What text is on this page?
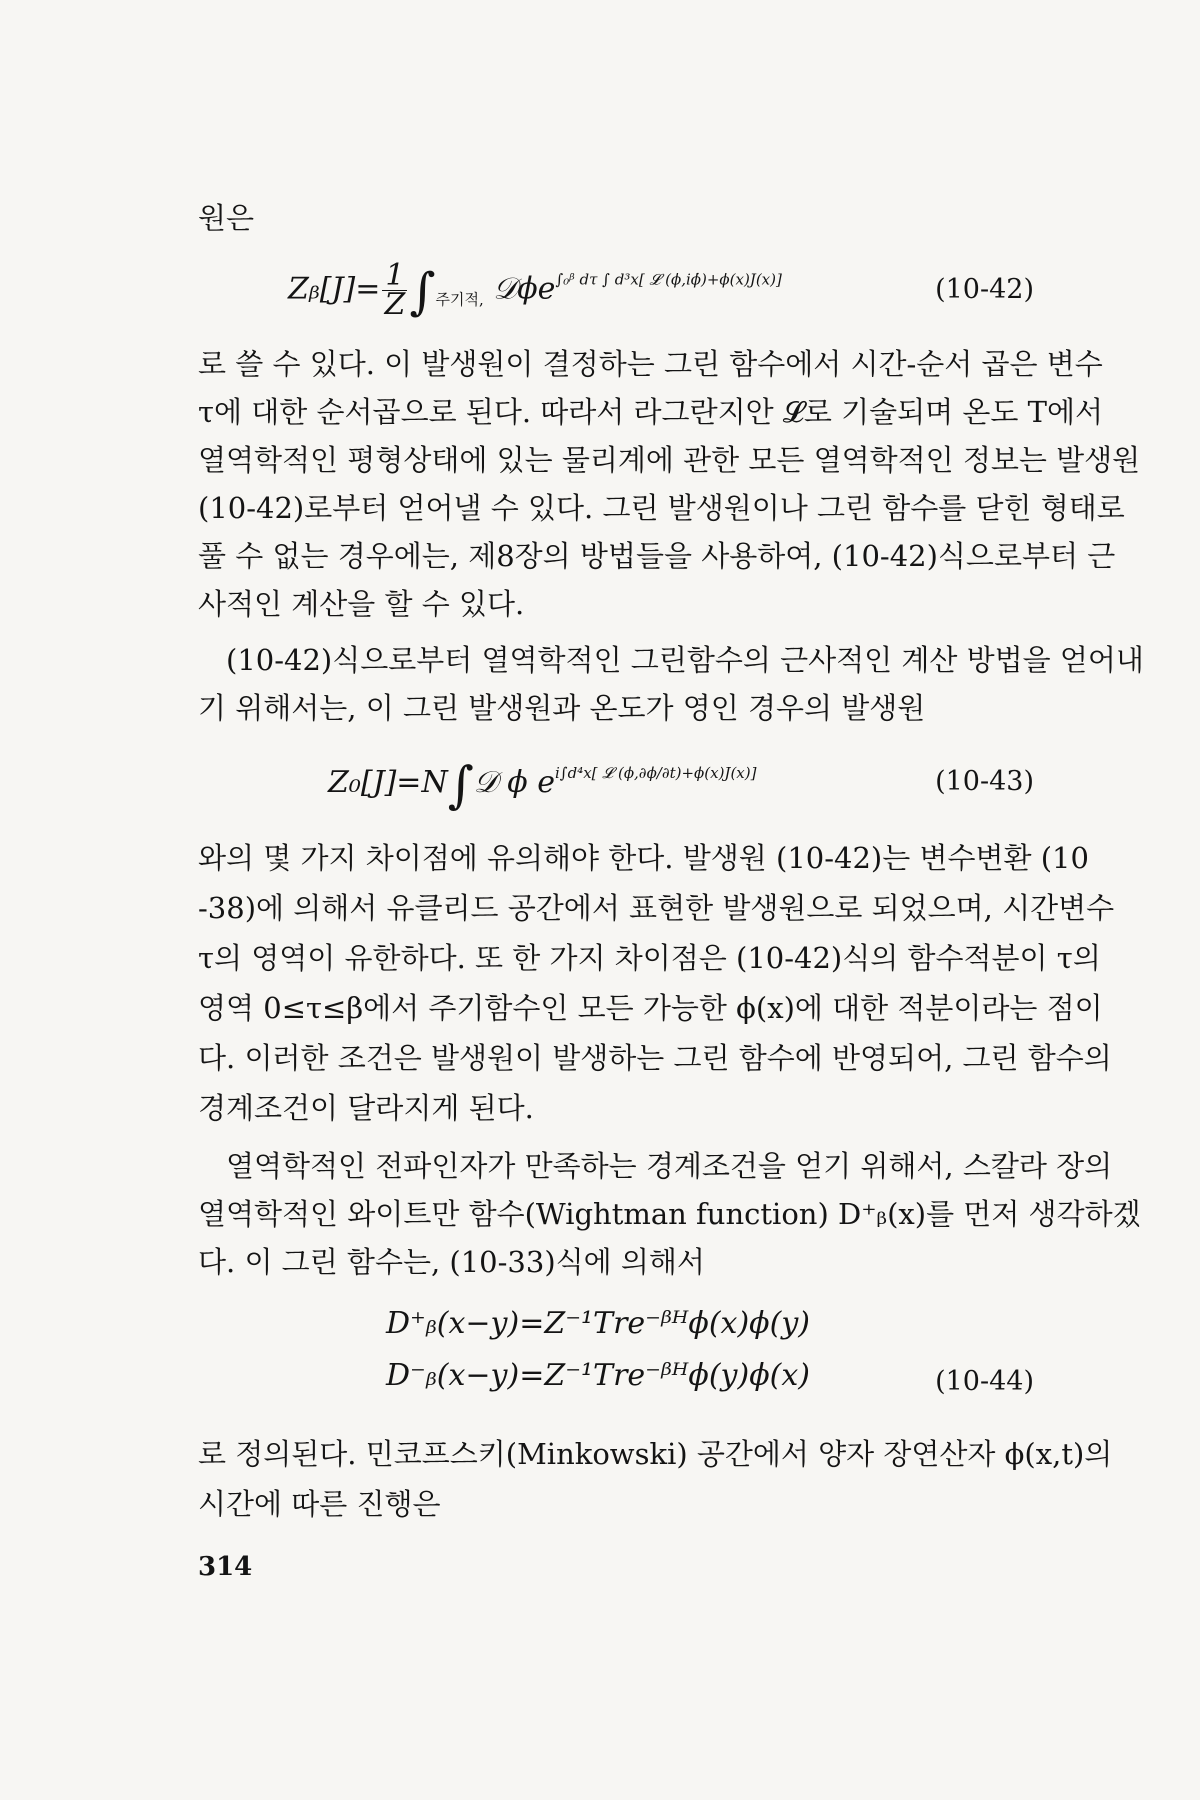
원은
Zᵦ[J]= $\frac{1}{Z} \int_{주기적,}$ 𝒟ϕe$^{\int_0ᵝ d\tau \int d^3x[ 𝓛 (\phi,i\phi̇)+\phi(x)J(x)]}$	(10-42)
로 쓸 수 있다. 이 발생원이 결정하는 그린 함수에서 시간-순서 곱은 변수
τ에 대한 순서곱으로 된다. 따라서 라그란지안 𝓛로 기술되며 온도 T에서
열역학적인 평형상태에 있는 물리계에 관한 모든 열역학적인 정보는 발생원
(10-42)로부터 얻어낼 수 있다. 그린 발생원이나 그린 함수를 닫힌 형태로
풀 수 없는 경우에는, 제8장의 방법들을 사용하여, (10-42)식으로부터 근
사적인 계산을 할 수 있다.
(10-42)식으로부터 열역학적인 그린함수의 근사적인 계산 방법을 얻어내
기 위해서는, 이 그린 발생원과 온도가 영인 경우의 발생원
Z₀[J]=N∫𝒟 ϕ $e^{i\int d^4x[ 𝓛 (\phi,\partial\phi/\partial t)+\phi(x)J(x)]}$	(10-43)
와의 몇 가지 차이점에 유의해야 한다. 발생원 (10-42)는 변수변환 (10
-38)에 의해서 유클리드 공간에서 표현한 발생원으로 되었으며, 시간변수
τ의 영역이 유한하다. 또 한 가지 차이점은 (10-42)식의 함수적분이 τ의
영역 0≤τ≤β에서 주기함수인 모든 가능한 ϕ(x)에 대한 적분이라는 점이
다. 이러한 조건은 발생원이 발생하는 그린 함수에 반영되어, 그린 함수의
경계조건이 달라지게 된다.
열역학적인 전파인자가 만족하는 경계조건을 얻기 위해서, 스칼라 장의
열역학적인 와이트만 함수(Wightman function) D⁺ᵦ(x)를 먼저 생각하겠
다. 이 그린 함수는, (10-33)식에 의해서
D⁺ᵦ(x−y)=Z⁻¹Tre⁻ᵝᴴϕ(x)ϕ(y)
D⁻ᵦ(x−y)=Z⁻¹Tre⁻ᵝᴴϕ(y)ϕ(x)	(10-44)
로 정의된다. 민코프스키(Minkowski) 공간에서 양자 장연산자 ϕ(x,t)의
시간에 따른 진행은
314
